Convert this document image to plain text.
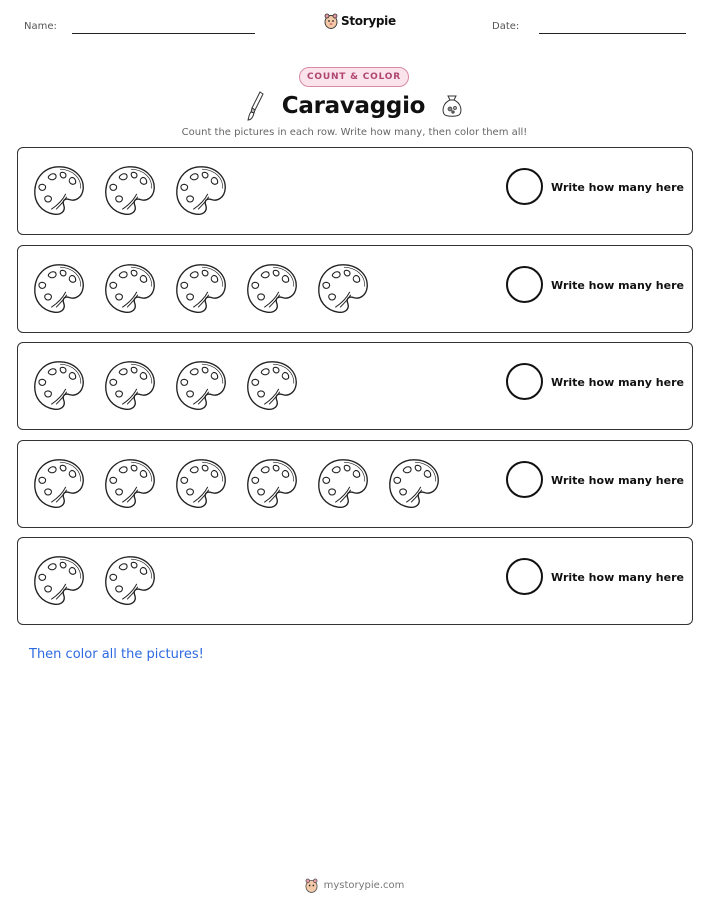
Name:	Storypie	Date:
COUNT & COLOR
Caravaggio
Count the pictures in each row. Write how many, then color them all!
Write how many here
Write how many here
Write how many here
Write how many here
Write how many here
Then color all the pictures!
mystorypie.com
